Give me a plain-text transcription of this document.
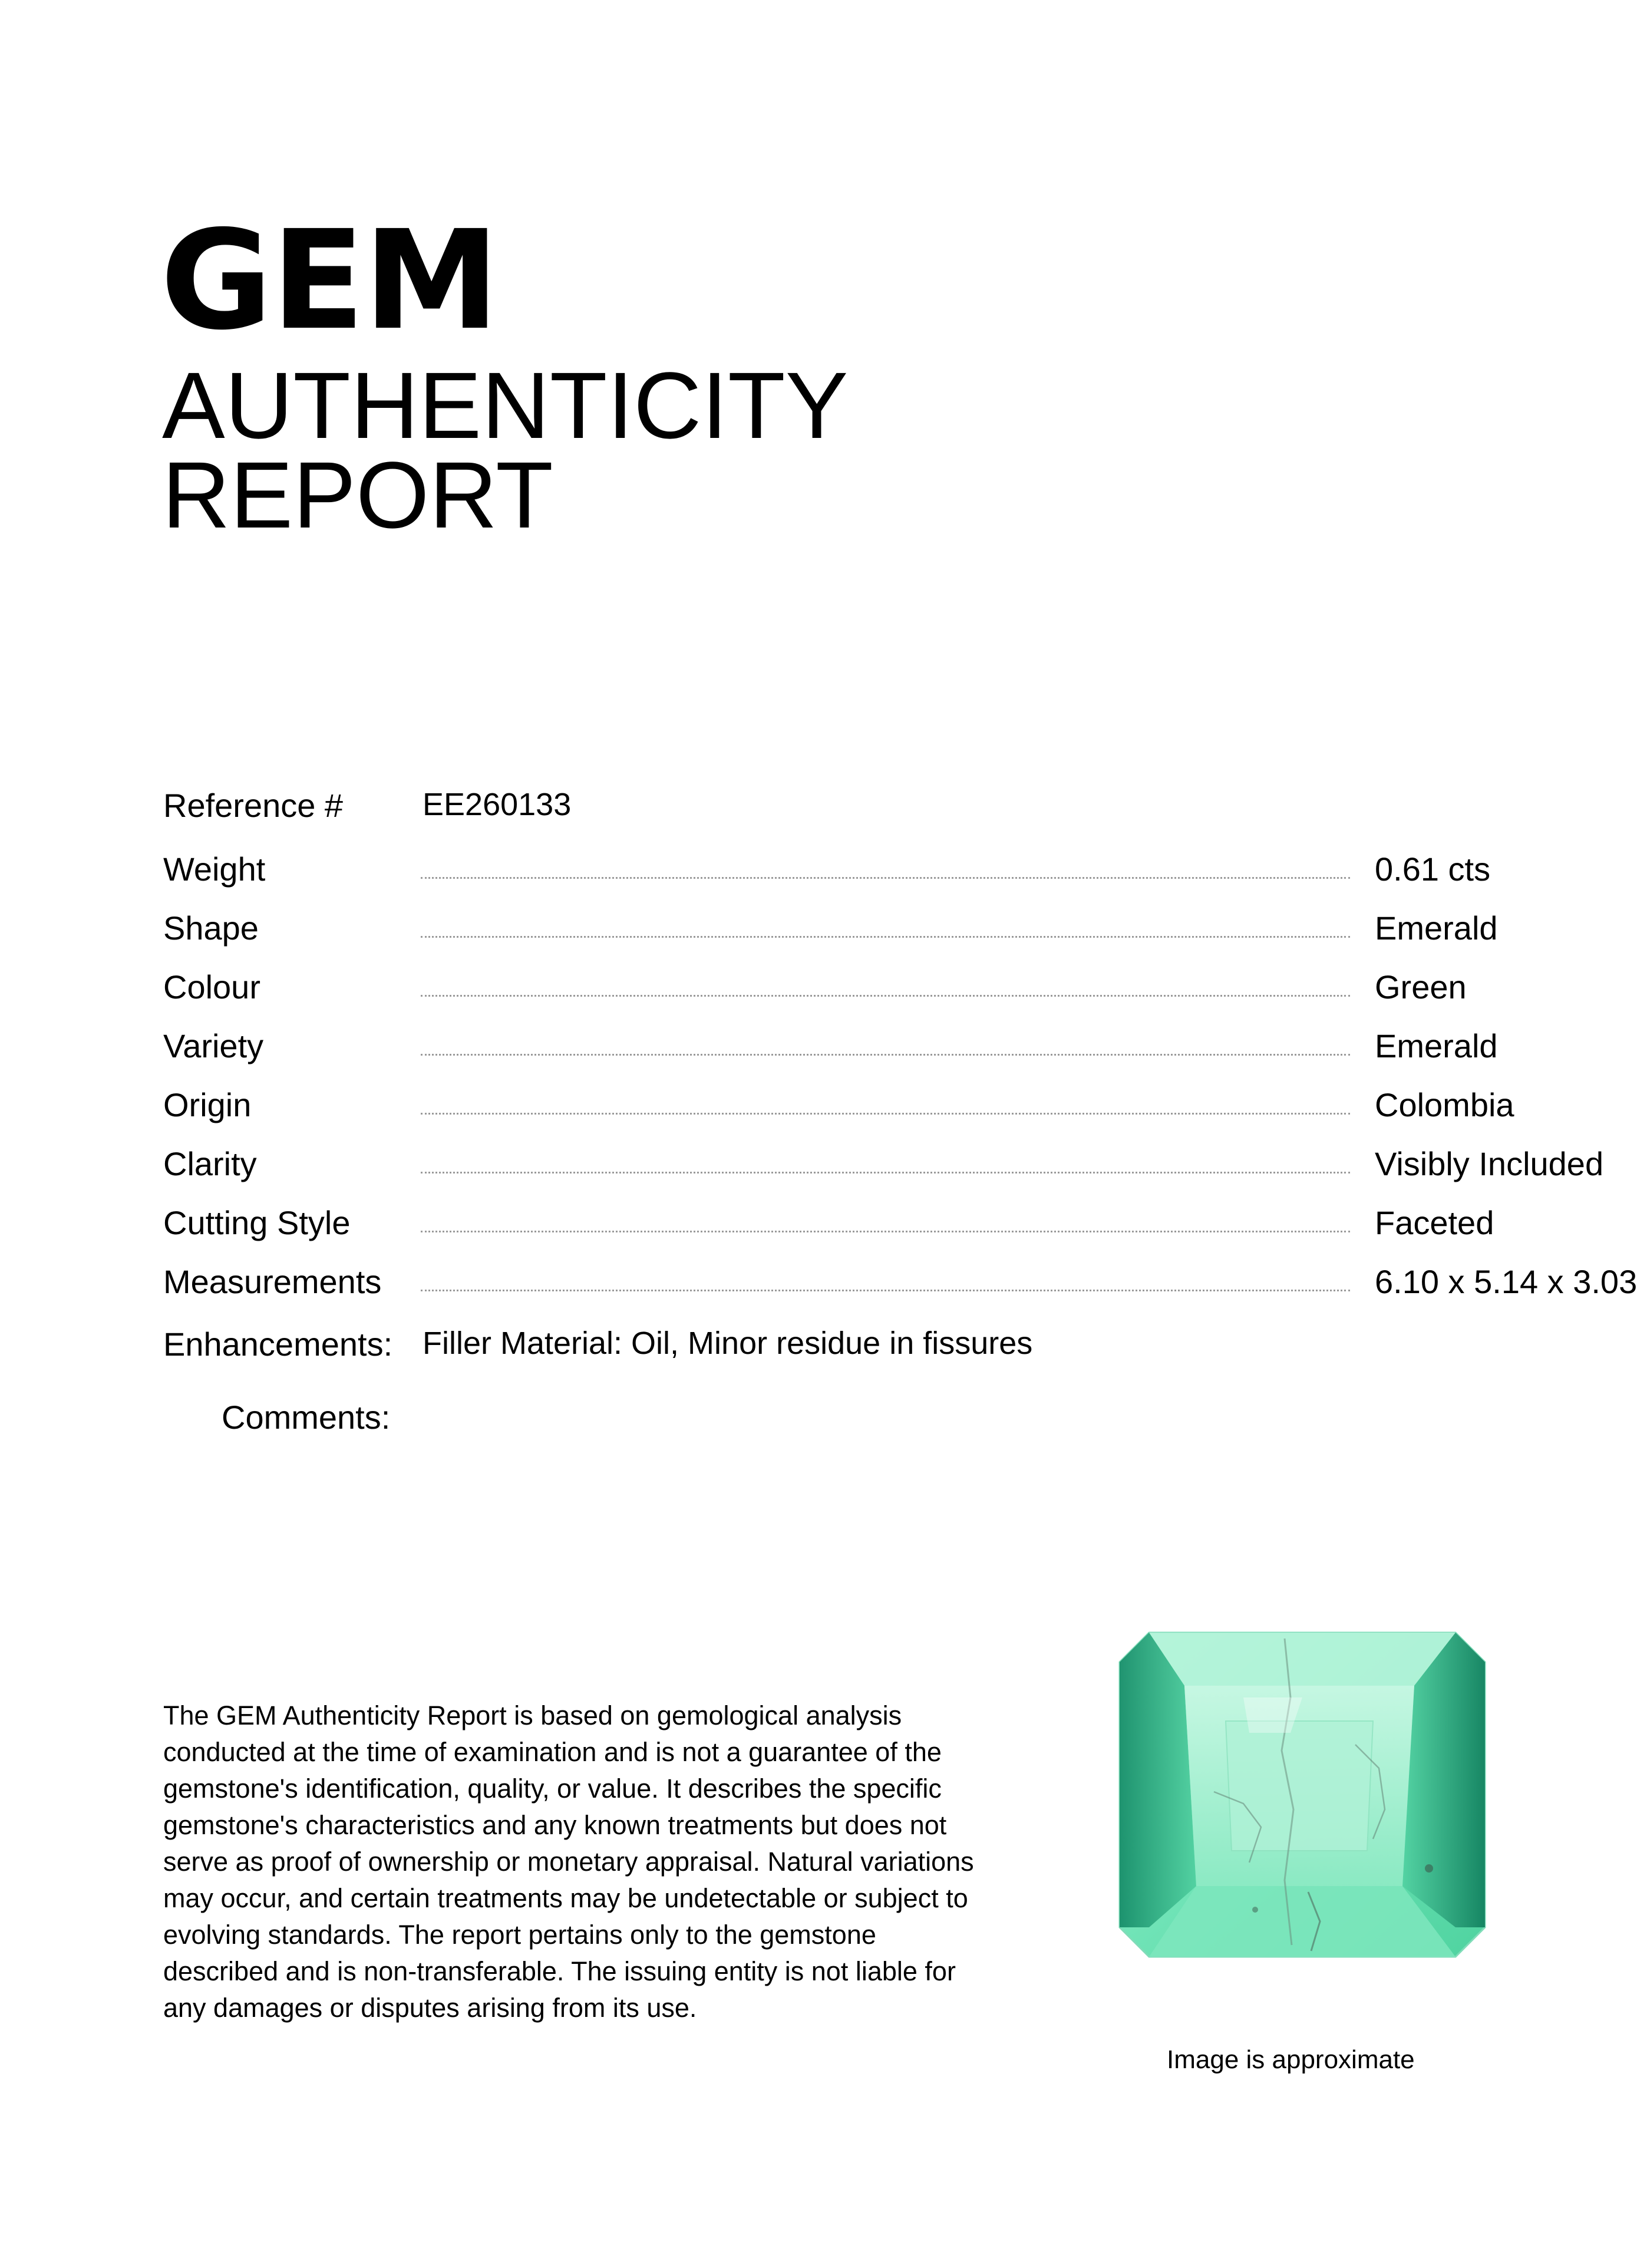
GEM
AUTHENTICITY
REPORT
Reference # EE260133
Weight	0.61 cts
Shape	Emerald
Colour	Green
Variety	Emerald
Origin	Colombia
Clarity	Visibly Included
Cutting Style	Faceted
Measurements	6.10 x 5.14 x 3.03
Enhancements: Filler Material: Oil, Minor residue in fissures
Comments:

The GEM Authenticity Report is based on gemological analysis conducted at the time of examination and is not a guarantee of the gemstone's identification, quality, or value. It describes the specific gemstone's characteristics and any known treatments but does not serve as proof of ownership or monetary appraisal. Natural variations may occur, and certain treatments may be undetectable or subject to evolving standards. The report pertains only to the gemstone described and is non-transferable. The issuing entity is not liable for any damages or disputes arising from its use.

Image is approximate
